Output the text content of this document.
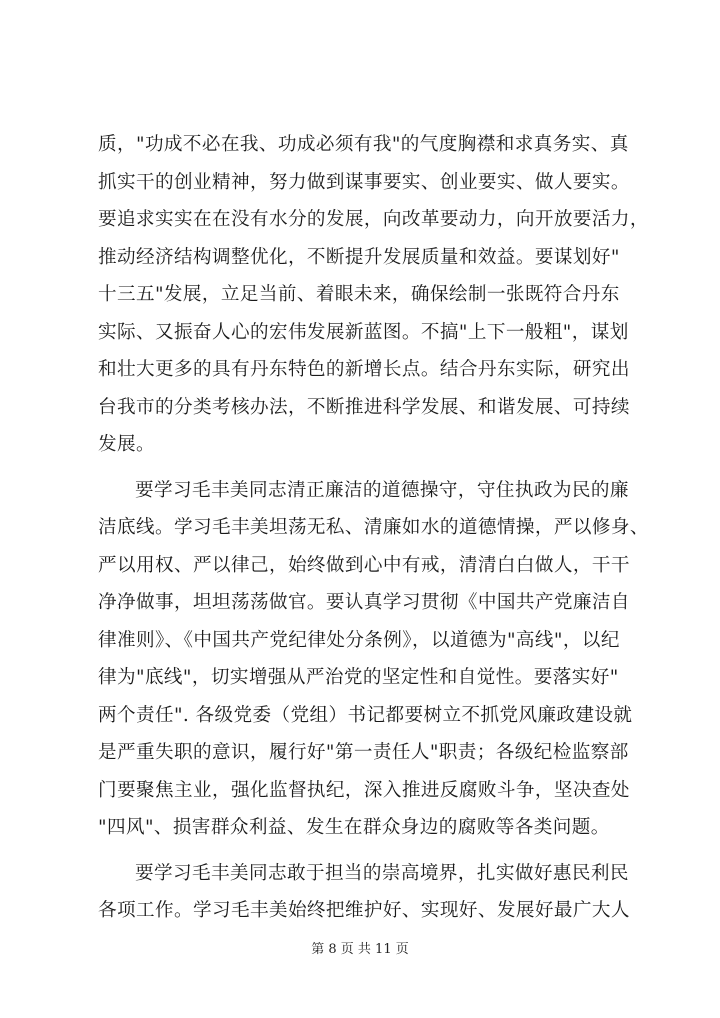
质，"功成不必在我、功成必须有我"的气度胸襟和求真务实、真
抓实干的创业精神，努力做到谋事要实、创业要实、做人要实。
要追求实实在在没有水分的发展，向改革要动力，向开放要活力，
推动经济结构调整优化，不断提升发展质量和效益。要谋划好"
十三五"发展，立足当前、着眼未来，确保绘制一张既符合丹东
实际、又振奋人心的宏伟发展新蓝图。不搞"上下一般粗"，谋划
和壮大更多的具有丹东特色的新增长点。结合丹东实际，研究出
台我市的分类考核办法，不断推进科学发展、和谐发展、可持续
发展。
要学习毛丰美同志清正廉洁的道德操守，守住执政为民的廉
洁底线。学习毛丰美坦荡无私、清廉如水的道德情操，严以修身、
严以用权、严以律己，始终做到心中有戒，清清白白做人，干干
净净做事，坦坦荡荡做官。要认真学习贯彻《中国共产党廉洁自
律准则》、《中国共产党纪律处分条例》，以道德为"高线"，以纪
律为"底线"，切实增强从严治党的坚定性和自觉性。要落实好"
两个责任". 各级党委（党组）书记都要树立不抓党风廉政建设就
是严重失职的意识，履行好"第一责任人"职责；各级纪检监察部
门要聚焦主业，强化监督执纪，深入推进反腐败斗争，坚决查处
"四风"、损害群众利益、发生在群众身边的腐败等各类问题。
要学习毛丰美同志敢于担当的崇高境界，扎实做好惠民利民
各项工作。学习毛丰美始终把维护好、实现好、发展好最广大人
第 8 页 共 11 页
